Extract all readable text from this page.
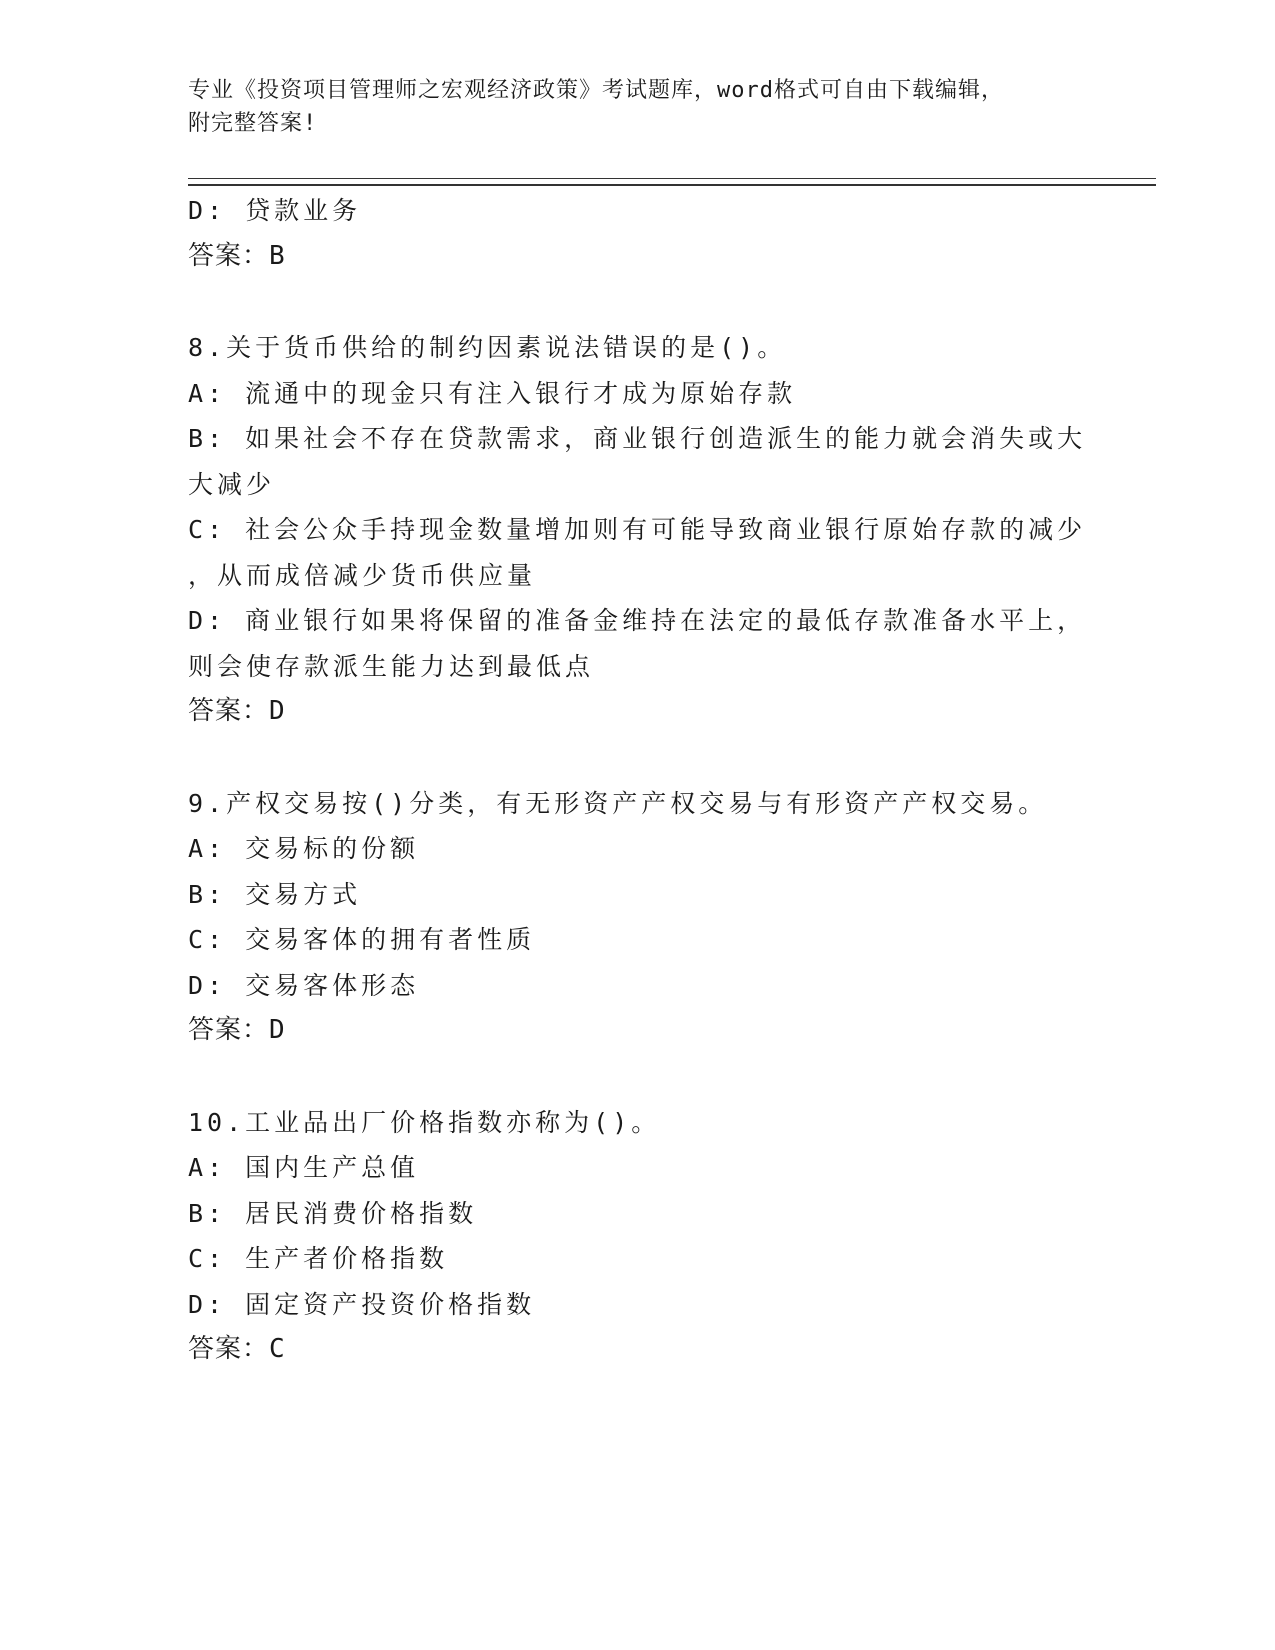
专业《投资项目管理师之宏观经济政策》考试题库，word格式可自由下载编辑，
附完整答案!
D: 贷款业务
答案：B
8.关于货币供给的制约因素说法错误的是()。
A: 流通中的现金只有注入银行才成为原始存款
B: 如果社会不存在贷款需求，商业银行创造派生的能力就会消失或大
大减少
C: 社会公众手持现金数量增加则有可能导致商业银行原始存款的减少
，从而成倍减少货币供应量
D: 商业银行如果将保留的准备金维持在法定的最低存款准备水平上，
则会使存款派生能力达到最低点
答案：D
9.产权交易按()分类，有无形资产产权交易与有形资产产权交易。
A: 交易标的份额
B: 交易方式
C: 交易客体的拥有者性质
D: 交易客体形态
答案：D
10.工业品出厂价格指数亦称为()。
A: 国内生产总值
B: 居民消费价格指数
C: 生产者价格指数
D: 固定资产投资价格指数
答案：C
